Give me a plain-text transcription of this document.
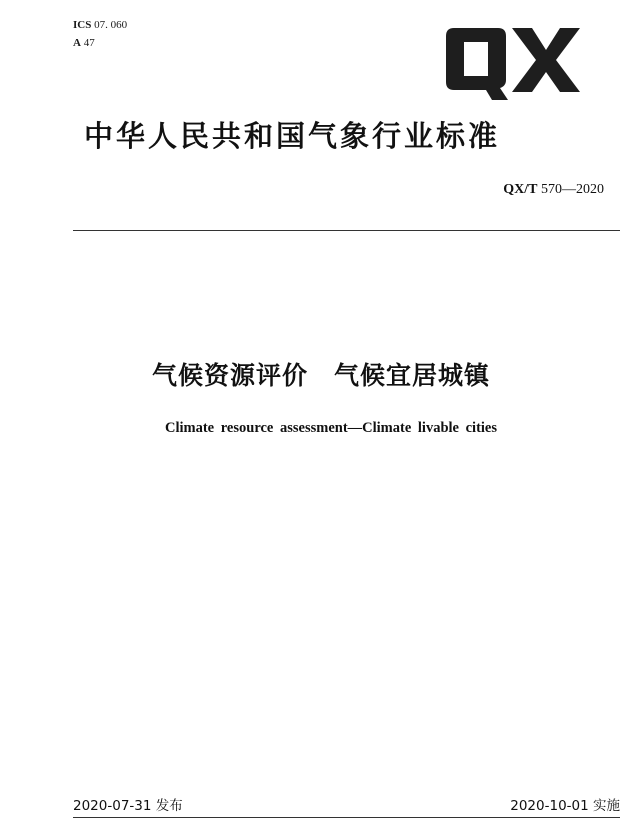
ICS 07. 060
A 47
中华人民共和国气象行业标准
QX/T 570—2020
气候资源评价　气候宜居城镇
Climate resource assessment—Climate livable cities
2020-07-31 发布	2020-10-01 实施
